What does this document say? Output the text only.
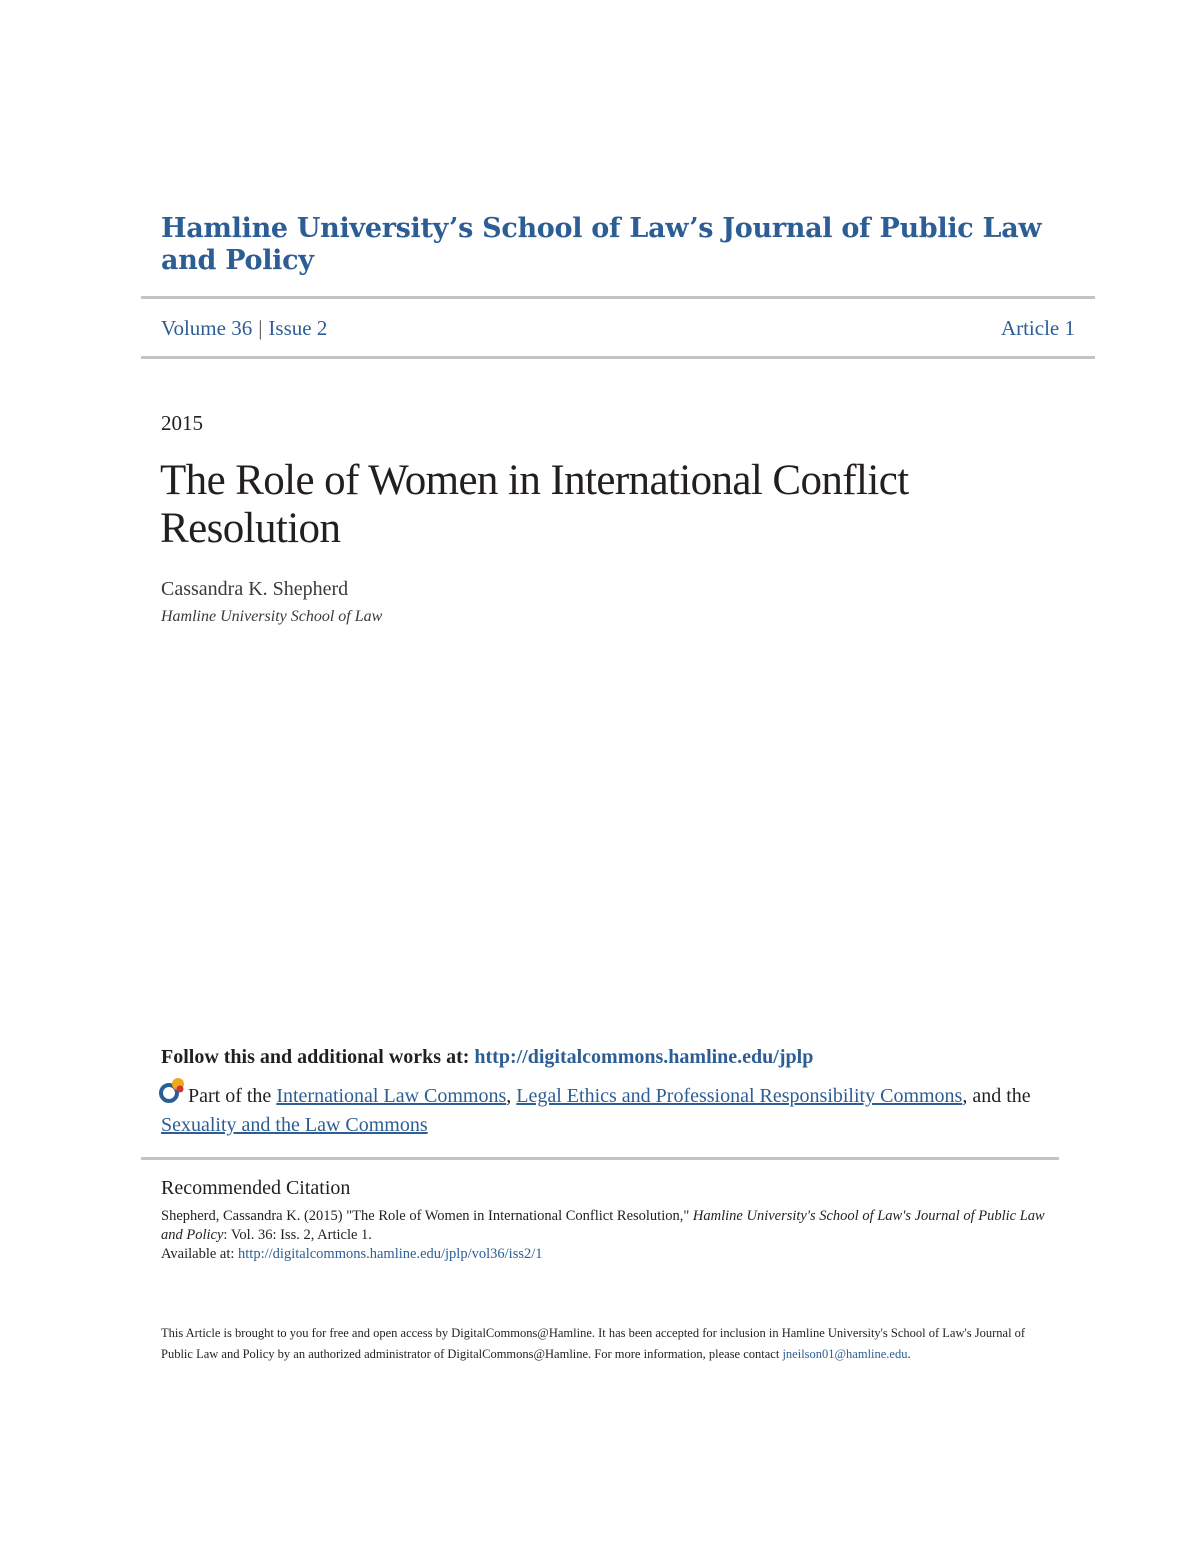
Hamline University’s School of Law’s Journal of Public Law and Policy
Volume 36 | Issue 2	Article 1
2015
The Role of Women in International Conflict Resolution
Cassandra K. Shepherd
Hamline University School of Law
Follow this and additional works at: http://digitalcommons.hamline.edu/jplp
Part of the International Law Commons, Legal Ethics and Professional Responsibility Commons, and the Sexuality and the Law Commons
Recommended Citation
Shepherd, Cassandra K. (2015) "The Role of Women in International Conflict Resolution," Hamline University's School of Law's Journal of Public Law and Policy: Vol. 36: Iss. 2, Article 1.
Available at: http://digitalcommons.hamline.edu/jplp/vol36/iss2/1
This Article is brought to you for free and open access by DigitalCommons@Hamline. It has been accepted for inclusion in Hamline University's School of Law's Journal of Public Law and Policy by an authorized administrator of DigitalCommons@Hamline. For more information, please contact jneilson01@hamline.edu.
